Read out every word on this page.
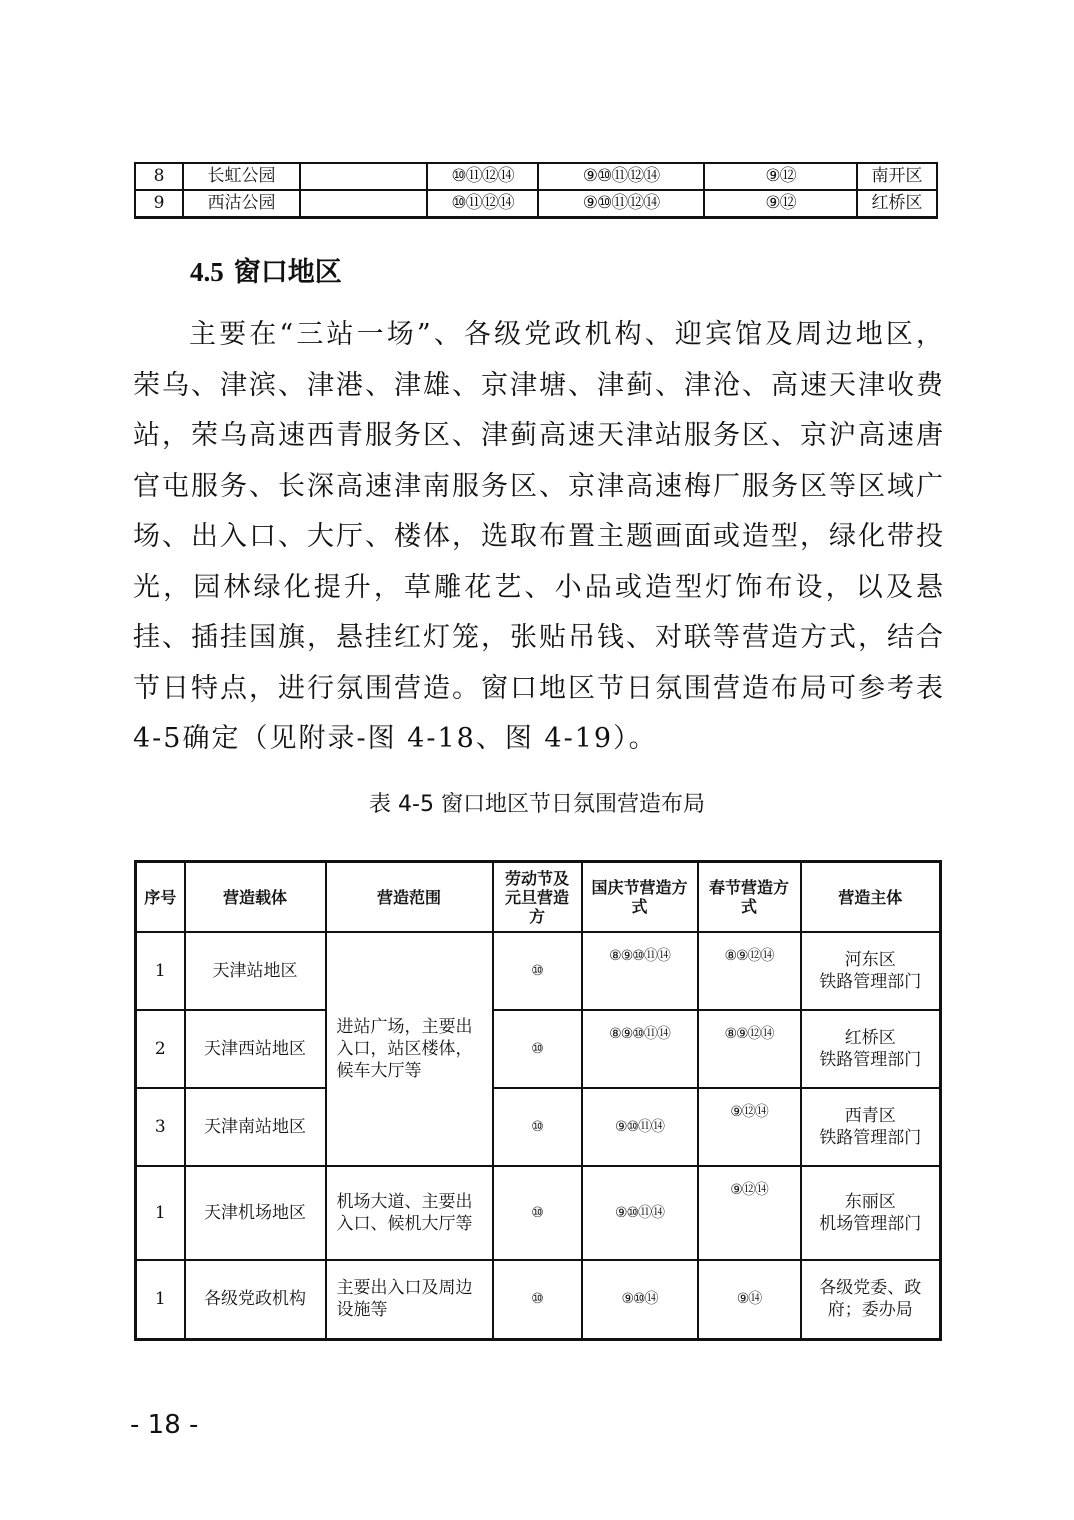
8	长虹公园		⑩⑪⑫⑭	⑨⑩⑪⑫⑭	⑨⑫	南开区
9	西沽公园		⑩⑪⑫⑭	⑨⑩⑪⑫⑭	⑨⑫	红桥区
4.5 窗口地区

主要在“三站一场”、各级党政机构、迎宾馆及周边地区，荣乌、津滨、津港、津雄、京津塘、津蓟、津沧、高速天津收费站，荣乌高速西青服务区、津蓟高速天津站服务区、京沪高速唐官屯服务、长深高速津南服务区、京津高速梅厂服务区等区域广场、出入口、大厅、楼体，选取布置主题画面或造型，绿化带投光，园林绿化提升，草雕花艺、小品或造型灯饰布设，以及悬挂、插挂国旗，悬挂红灯笼，张贴吊钱、对联等营造方式，结合节日特点，进行氛围营造。窗口地区节日氛围营造布局可参考表 4-5确定（见附录-图 4-18、图 4-19）。

表 4-5 窗口地区节日氛围营造布局

序号	营造载体	营造范围	劳动节及元旦营造方	国庆节营造方式	春节营造方式	营造主体
1	天津站地区	进站广场，主要出入口，站区楼体，候车大厅等	⑩	⑧⑨⑩⑪⑭	⑧⑨⑫⑭	河东区
铁路管理部门

2	天津西站地区		⑩	⑧⑨⑩⑪⑭	⑧⑨⑫⑭	红桥区
铁路管理部门

3	天津南站地区		⑩	⑨⑩⑪⑭	⑨⑫⑭	西青区
铁路管理部门

1	天津机场地区	机场大道、主要出入口、候机大厅等	⑩	⑨⑩⑪⑭	⑨⑫⑭	东丽区
机场管理部门

1	各级党政机构	主要出入口及周边设施等	⑩	⑨⑩⑭	⑨⑭	各级党委、政
府；委办局

- 18 -
